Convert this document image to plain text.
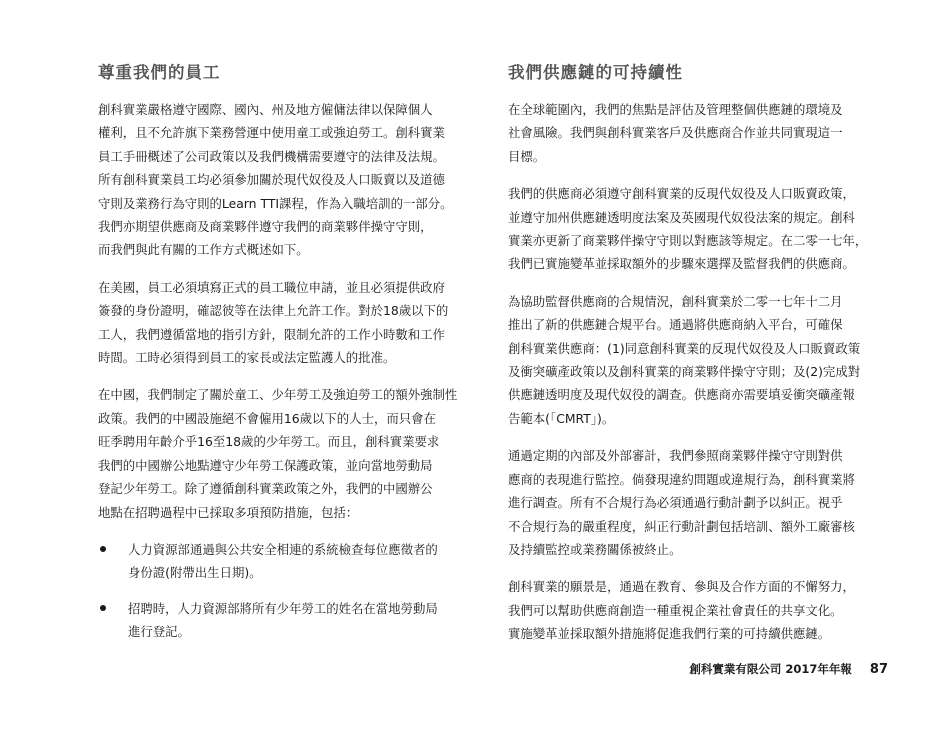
尊重我們的員工

創科實業嚴格遵守國際、國內、州及地方僱傭法律以保障個人
權利，且不允許旗下業務營運中使用童工或強迫勞工。創科實業
員工手冊概述了公司政策以及我們機構需要遵守的法律及法規。
所有創科實業員工均必須參加關於現代奴役及人口販賣以及道德
守則及業務行為守則的Learn TTI課程，作為入職培訓的一部分。
我們亦期望供應商及商業夥伴遵守我們的商業夥伴操守守則，
而我們與此有關的工作方式概述如下。

在美國，員工必須填寫正式的員工職位申請，並且必須提供政府
簽發的身份證明，確認彼等在法律上允許工作。對於18歲以下的
工人，我們遵循當地的指引方針，限制允許的工作小時數和工作
時間。工時必須得到員工的家長或法定監護人的批准。

在中國，我們制定了關於童工、少年勞工及強迫勞工的額外強制性
政策。我們的中國設施絕不會僱用16歲以下的人士，而只會在
旺季聘用年齡介乎16至18歲的少年勞工。而且，創科實業要求
我們的中國辦公地點遵守少年勞工保護政策，並向當地勞動局
登記少年勞工。除了遵循創科實業政策之外，我們的中國辦公
地點在招聘過程中已採取多項預防措施，包括：

人力資源部通過與公共安全相連的系統檢查每位應徵者的
身份證(附帶出生日期)。
招聘時，人力資源部將所有少年勞工的姓名在當地勞動局
進行登記。
我們供應鏈的可持續性

在全球範圍內，我們的焦點是評估及管理整個供應鏈的環境及
社會風險。我們與創科實業客戶及供應商合作並共同實現這一
目標。

我們的供應商必須遵守創科實業的反現代奴役及人口販賣政策，
並遵守加州供應鏈透明度法案及英國現代奴役法案的規定。創科
實業亦更新了商業夥伴操守守則以對應該等規定。在二零一七年，
我們已實施變革並採取額外的步驟來選擇及監督我們的供應商。

為協助監督供應商的合規情況，創科實業於二零一七年十二月
推出了新的供應鏈合規平台。通過將供應商納入平台，可確保
創科實業供應商：(1)同意創科實業的反現代奴役及人口販賣政策
及衝突礦產政策以及創科實業的商業夥伴操守守則；及(2)完成對
供應鏈透明度及現代奴役的調查。供應商亦需要填妥衝突礦產報
告範本(「CMRT」)。

通過定期的內部及外部審計，我們參照商業夥伴操守守則對供
應商的表現進行監控。倘發現違約問題或違規行為，創科實業將
進行調查。所有不合規行為必須通過行動計劃予以糾正。視乎
不合規行為的嚴重程度，糾正行動計劃包括培訓、額外工廠審核
及持續監控或業務關係被終止。

創科實業的願景是，通過在教育、參與及合作方面的不懈努力，
我們可以幫助供應商創造一種重視企業社會責任的共享文化。
實施變革並採取額外措施將促進我們行業的可持續供應鏈。

創科實業有限公司 2017年年報 87
